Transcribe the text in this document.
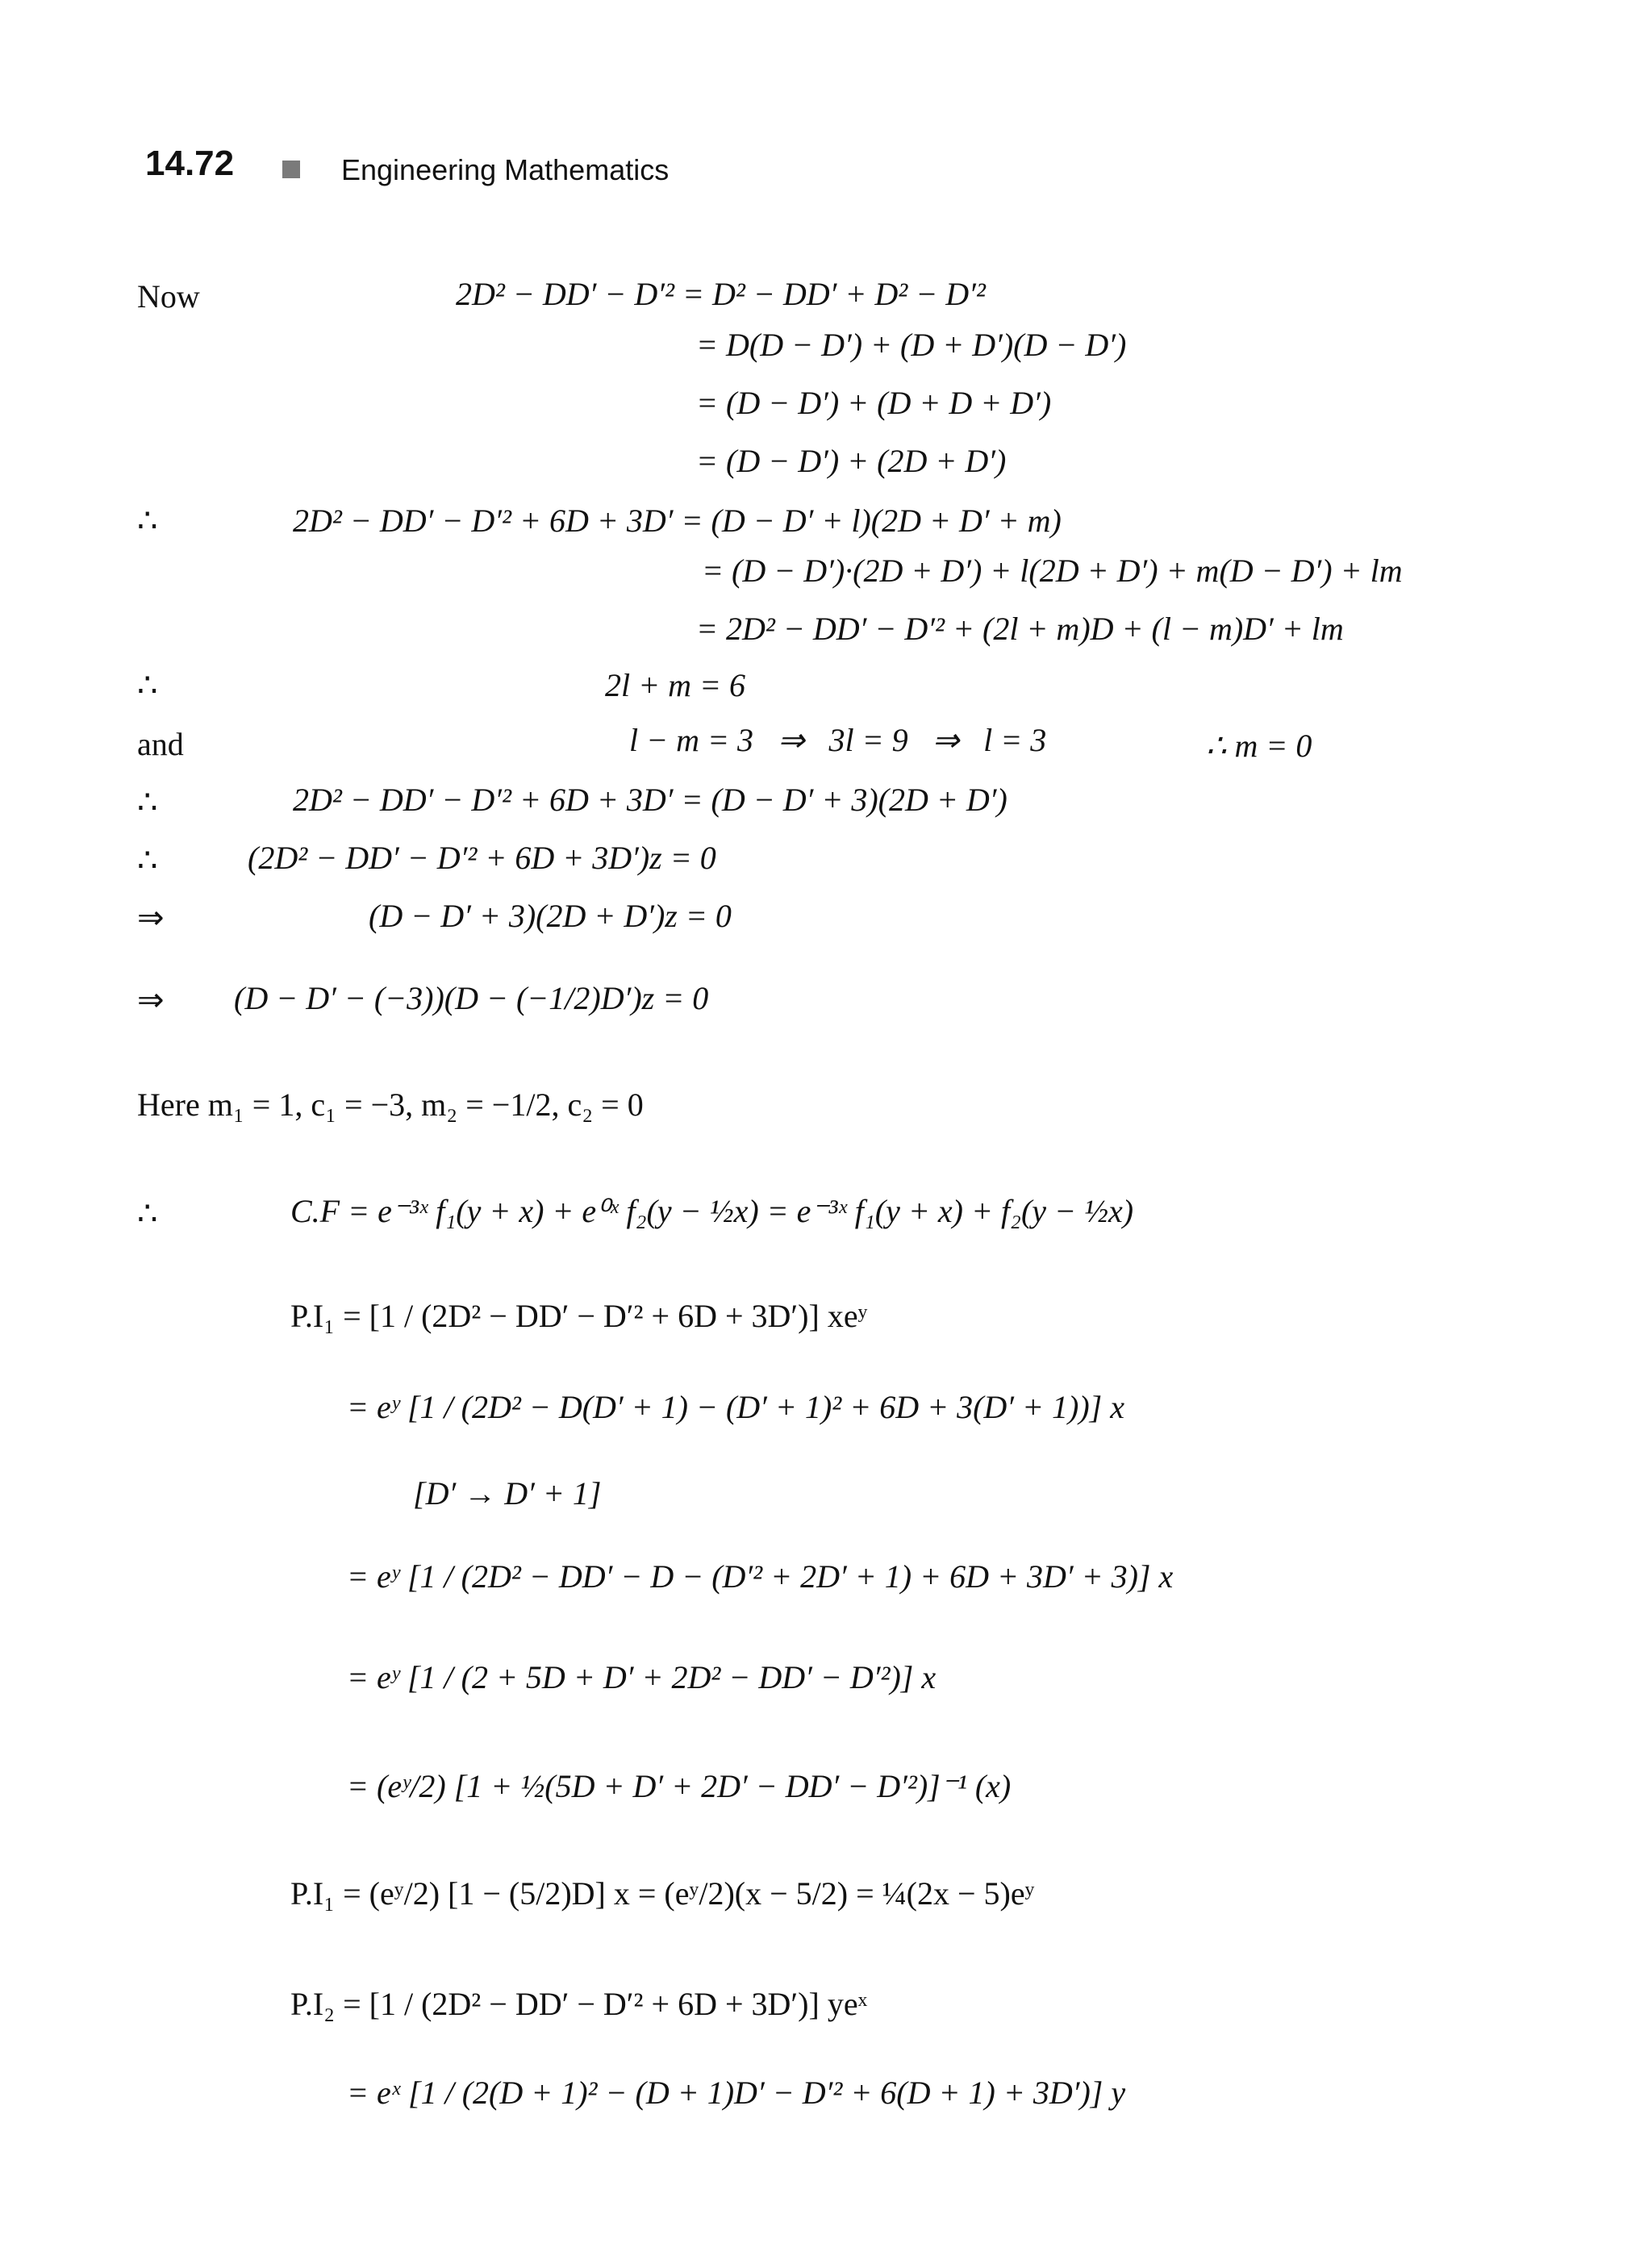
14.72	Engineering Mathematics
Now	2D² − DD′ − D′² = D² − DD′ + D² − D′²
= D(D − D′) + (D + D′)(D − D′)
= (D − D′) + (D + D + D′)
= (D − D′) + (2D + D′)
∴	2D² − DD′ − D′² + 6D + 3D′ = (D − D′ + l)(2D + D′ + m)
= (D − D′)·(2D + D′) + l(2D + D′) + m(D − D′) + lm
= 2D² − DD′ − D′² + (2l + m)D + (l − m)D′ + lm
∴	2l + m = 6
and	l − m = 3   ⇒   3l = 9   ⇒   l = 3	∴ m = 0
∴	2D² − DD′ − D′² + 6D + 3D′ = (D − D′ + 3)(2D + D′)
∴	(2D² − DD′ − D′² + 6D + 3D′)z = 0
⇒	(D − D′ + 3)(2D + D′)z = 0
⇒ (D − D′ − (−3))(D − (−1/2)D′)z = 0
Here m₁ = 1, c₁ = −3, m₂ = −1/2, c₂ = 0
∴	C.F = e⁻³ˣ f₁(y + x) + e⁰ˣ f₂(y − ½x) = e⁻³ˣ f₁(y + x) + f₂(y − ½x)
P.I₁ = [1 / (2D² − DD′ − D′² + 6D + 3D′)] xeʸ
= eʸ [1 / (2D² − D(D′ + 1) − (D′ + 1)² + 6D + 3(D′ + 1))] x
[D′ → D′ + 1]
= eʸ [1 / (2D² − DD′ − D − (D′² + 2D′ + 1) + 6D + 3D′ + 3)] x
= eʸ [1 / (2 + 5D + D′ + 2D² − DD′ − D′²)] x
= (eʸ/2) [1 + ½(5D + D′ + 2D′ − DD′ − D′²)]⁻¹ (x)
P.I₁ = (eʸ/2) [1 − (5/2)D] x = (eʸ/2)(x − 5/2) = ¼(2x − 5)eʸ
P.I₂ = [1 / (2D² − DD′ − D′² + 6D + 3D′)] yeˣ
= eˣ [1 / (2(D + 1)² − (D + 1)D′ − D′² + 6(D + 1) + 3D′)] y
